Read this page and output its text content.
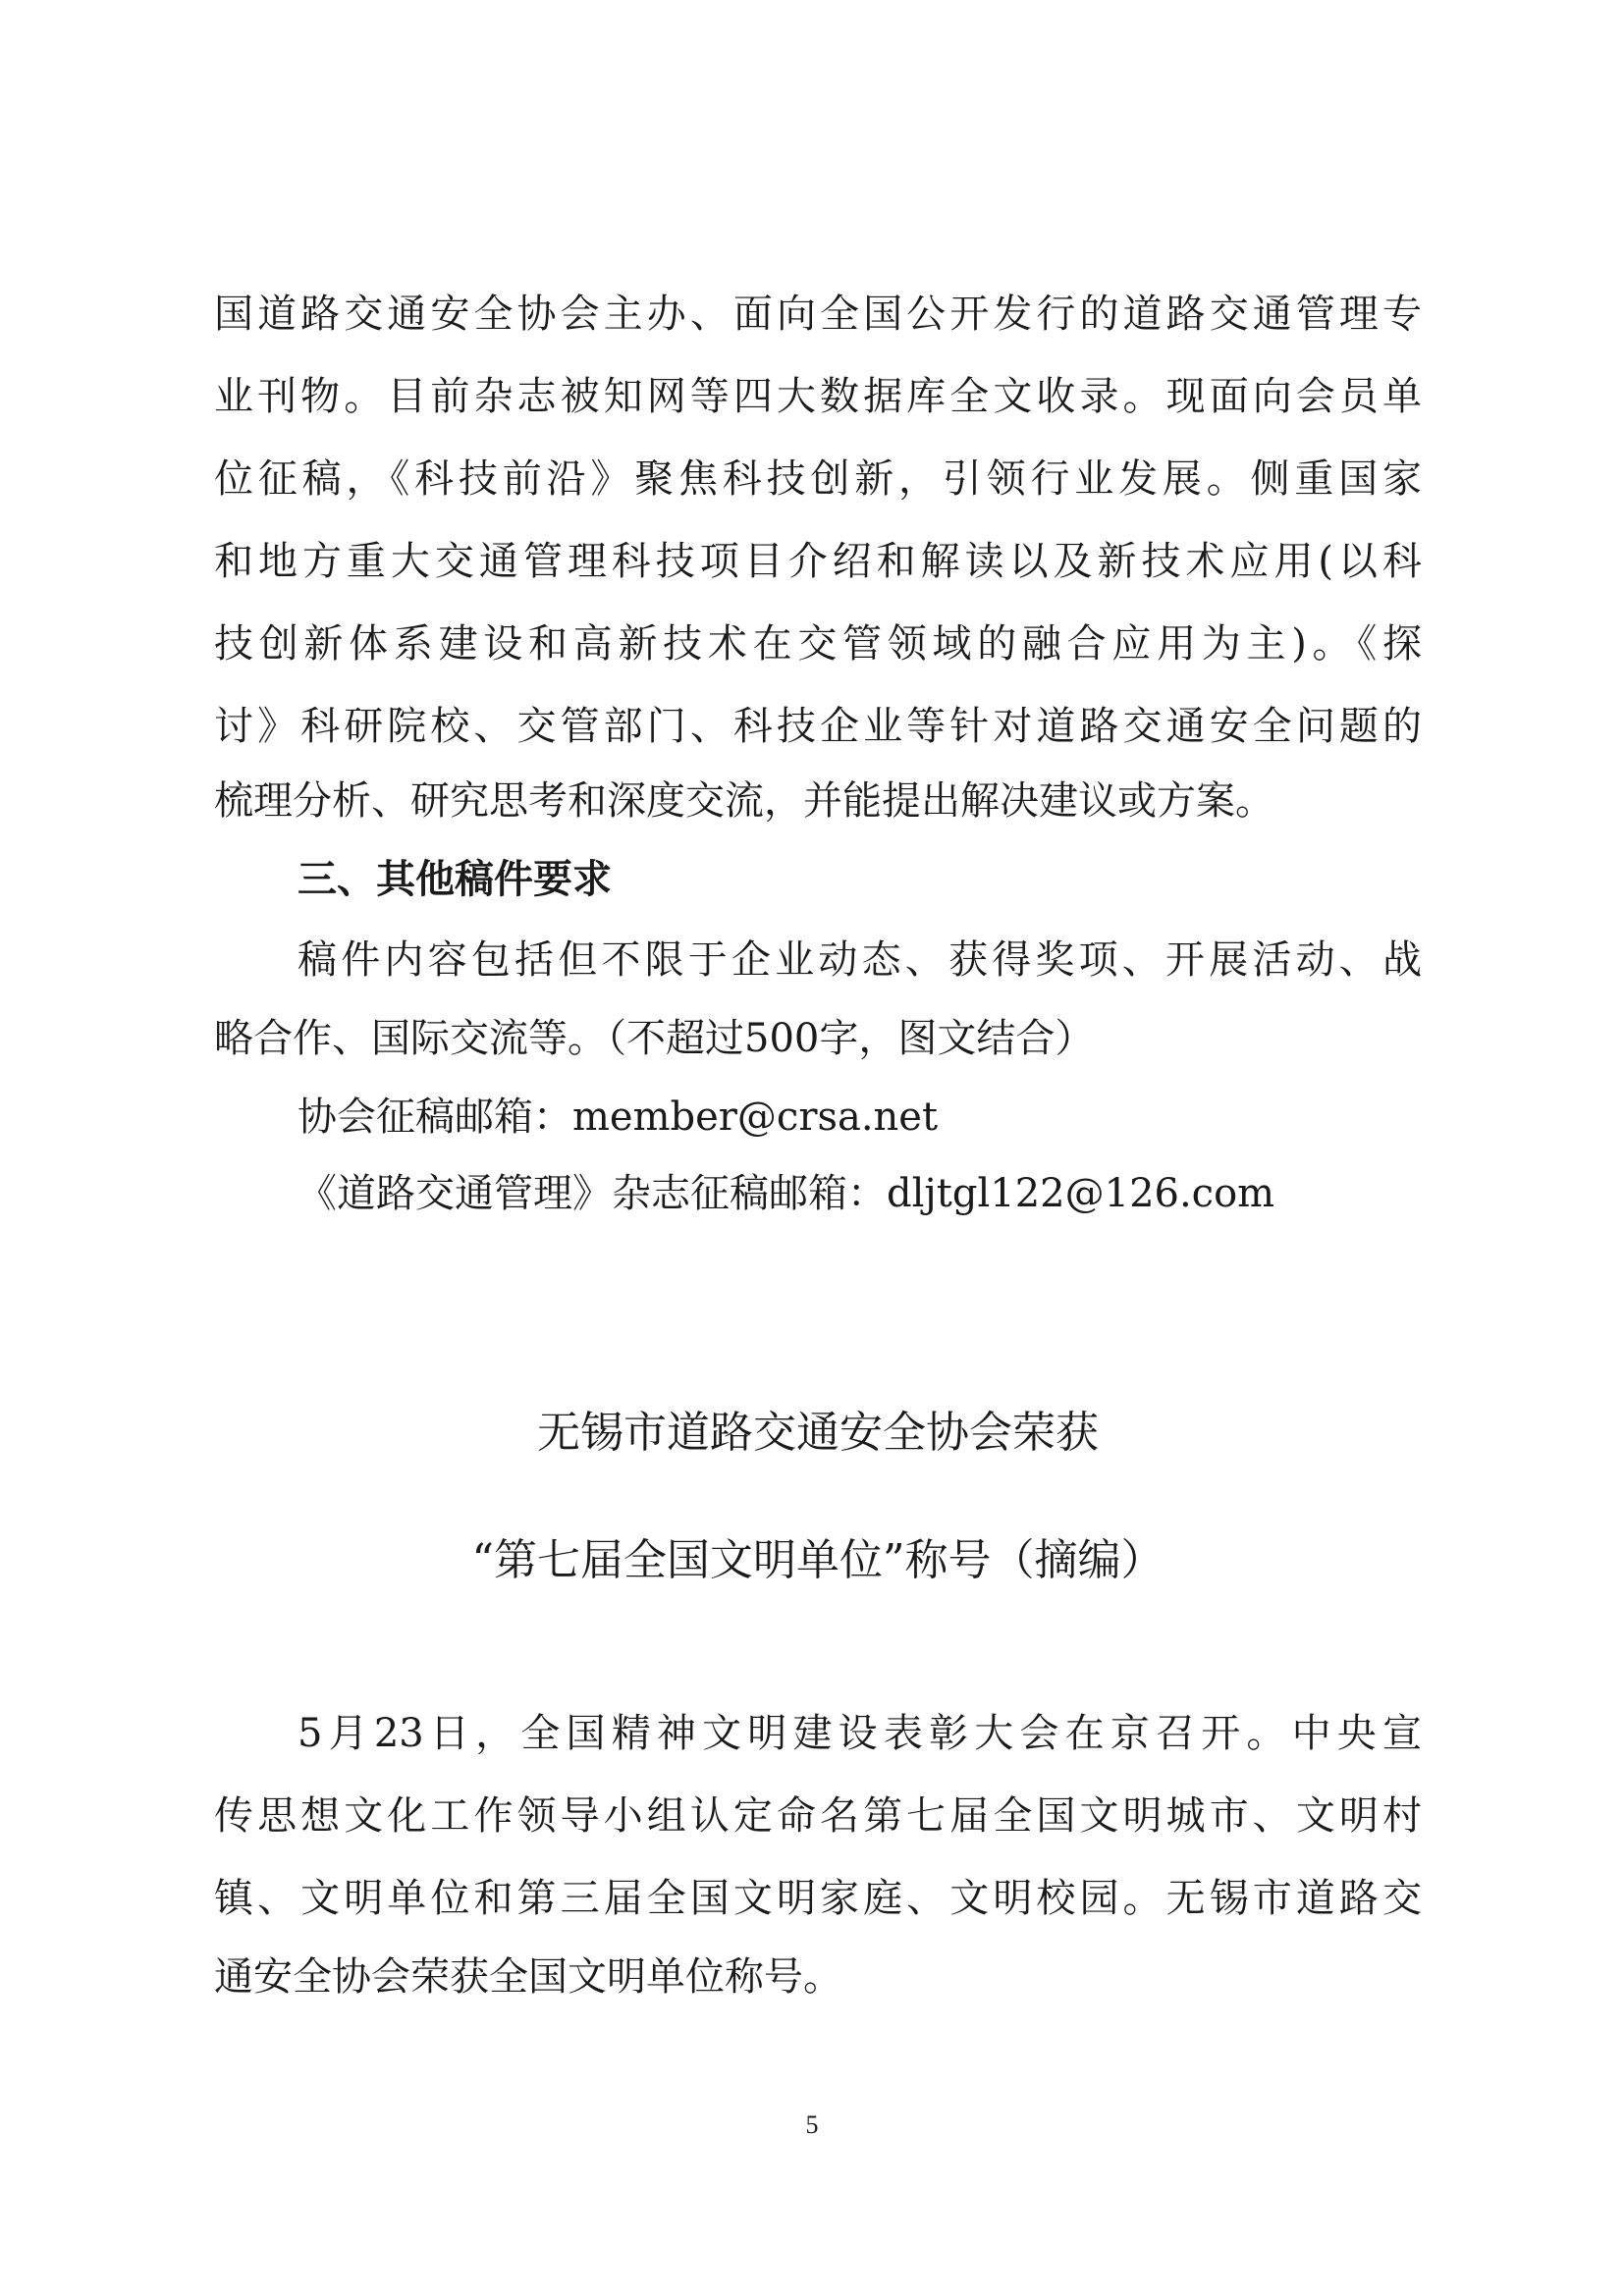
国道路交通安全协会主办、面向全国公开发行的道路交通管理专
业刊物。目前杂志被知网等四大数据库全文收录。现面向会员单
位征稿，《科技前沿》聚焦科技创新，引领行业发展。侧重国家
和地方重大交通管理科技项目介绍和解读以及新技术应用(以科
技创新体系建设和高新技术在交管领域的融合应用为主)。《探
讨》科研院校、交管部门、科技企业等针对道路交通安全问题的
梳理分析、研究思考和深度交流，并能提出解决建议或方案。
三、其他稿件要求
稿件内容包括但不限于企业动态、获得奖项、开展活动、战
略合作、国际交流等。（不超过500字，图文结合）
协会征稿邮箱：member@crsa.net
《道路交通管理》杂志征稿邮箱：dljtgl122@126.com
无锡市道路交通安全协会荣获
“第七届全国文明单位”称号（摘编）
5月23日，全国精神文明建设表彰大会在京召开。中央宣
传思想文化工作领导小组认定命名第七届全国文明城市、文明村
镇、文明单位和第三届全国文明家庭、文明校园。无锡市道路交
通安全协会荣获全国文明单位称号。
5
